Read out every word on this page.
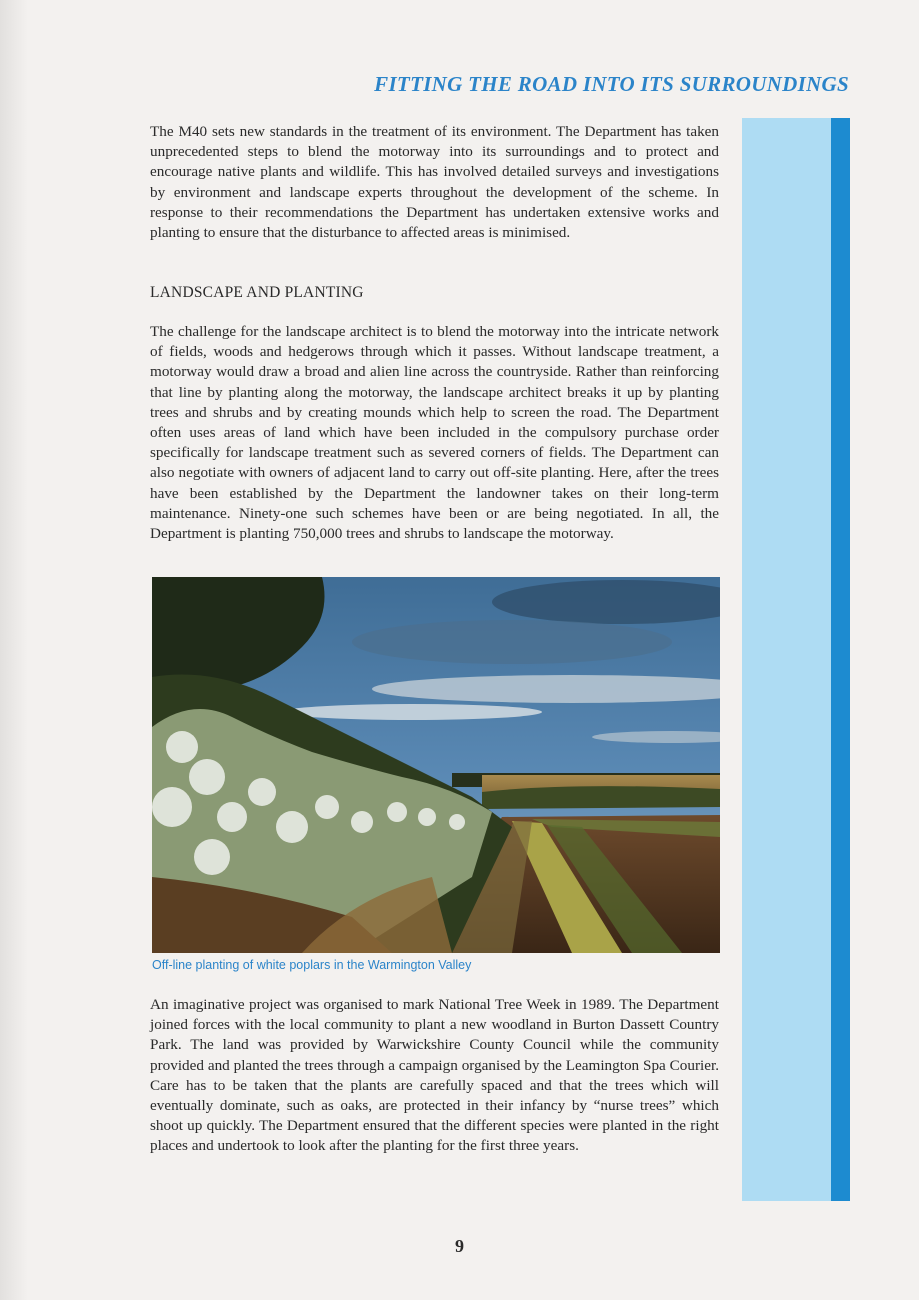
FITTING THE ROAD INTO ITS SURROUNDINGS

The M40 sets new standards in the treatment of its environment. The Department has taken unprecedented steps to blend the motorway into its surroundings and to protect and encourage native plants and wildlife. This has involved detailed surveys and investigations by environment and landscape experts throughout the development of the scheme. In response to their recommendations the Department has undertaken extensive works and planting to ensure that the disturbance to affected areas is minimised.

LANDSCAPE AND PLANTING

The challenge for the landscape architect is to blend the motorway into the intricate network of fields, woods and hedgerows through which it passes. Without landscape treatment, a motorway would draw a broad and alien line across the countryside. Rather than reinforcing that line by planting along the motorway, the landscape architect breaks it up by planting trees and shrubs and by creating mounds which help to screen the road. The Department often uses areas of land which have been included in the compulsory purchase order specifically for landscape treatment such as severed corners of fields. The Department can also negotiate with owners of adjacent land to carry out off-site planting. Here, after the trees have been established by the Department the landowner takes on their long-term maintenance. Ninety-one such schemes have been or are being negotiated. In all, the Department is planting 750,000 trees and shrubs to landscape the motorway.

Off-line planting of white poplars in the Warmington Valley

An imaginative project was organised to mark National Tree Week in 1989. The Department joined forces with the local community to plant a new woodland in Burton Dassett Country Park. The land was provided by Warwickshire County Council while the community provided and planted the trees through a campaign organised by the Leamington Spa Courier. Care has to be taken that the plants are carefully spaced and that the trees which will eventually dominate, such as oaks, are protected in their infancy by “nurse trees” which shoot up quickly. The Department ensured that the different species were planted in the right places and undertook to look after the planting for the first three years.

9
